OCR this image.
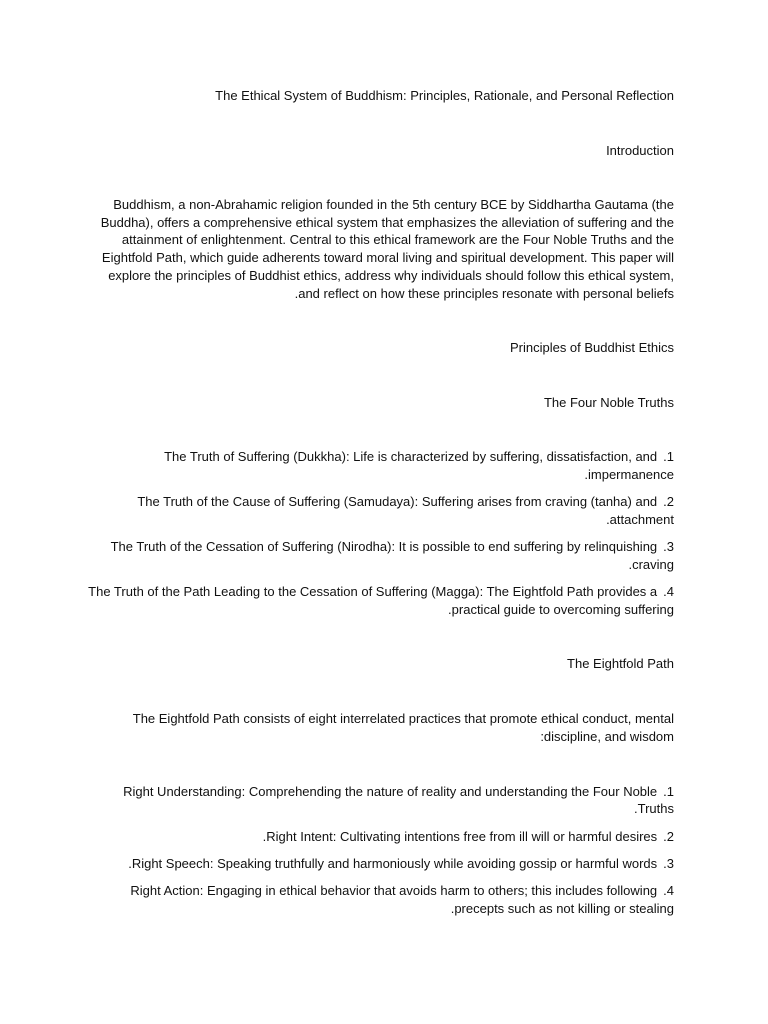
The Ethical System of Buddhism: Principles, Rationale, and Personal Reflection
Introduction
Buddhism, a non-Abrahamic religion founded in the 5th century BCE by Siddhartha Gautama (the
Buddha), offers a comprehensive ethical system that emphasizes the alleviation of suffering and the
attainment of enlightenment. Central to this ethical framework are the Four Noble Truths and the
Eightfold Path, which guide adherents toward moral living and spiritual development. This paper will
explore the principles of Buddhist ethics, address why individuals should follow this ethical system,
.and reflect on how these principles resonate with personal beliefs
Principles of Buddhist Ethics
The Four Noble Truths
The Truth of Suffering (Dukkha): Life is characterized by suffering, dissatisfaction, and .1
.impermanence
The Truth of the Cause of Suffering (Samudaya): Suffering arises from craving (tanha) and .2
.attachment
The Truth of the Cessation of Suffering (Nirodha): It is possible to end suffering by relinquishing .3
.craving
The Truth of the Path Leading to the Cessation of Suffering (Magga): The Eightfold Path provides a .4
.practical guide to overcoming suffering
The Eightfold Path
The Eightfold Path consists of eight interrelated practices that promote ethical conduct, mental
:discipline, and wisdom
Right Understanding: Comprehending the nature of reality and understanding the Four Noble .1
.Truths
.Right Intent: Cultivating intentions free from ill will or harmful desires .2
.Right Speech: Speaking truthfully and harmoniously while avoiding gossip or harmful words .3
Right Action: Engaging in ethical behavior that avoids harm to others; this includes following .4
.precepts such as not killing or stealing
